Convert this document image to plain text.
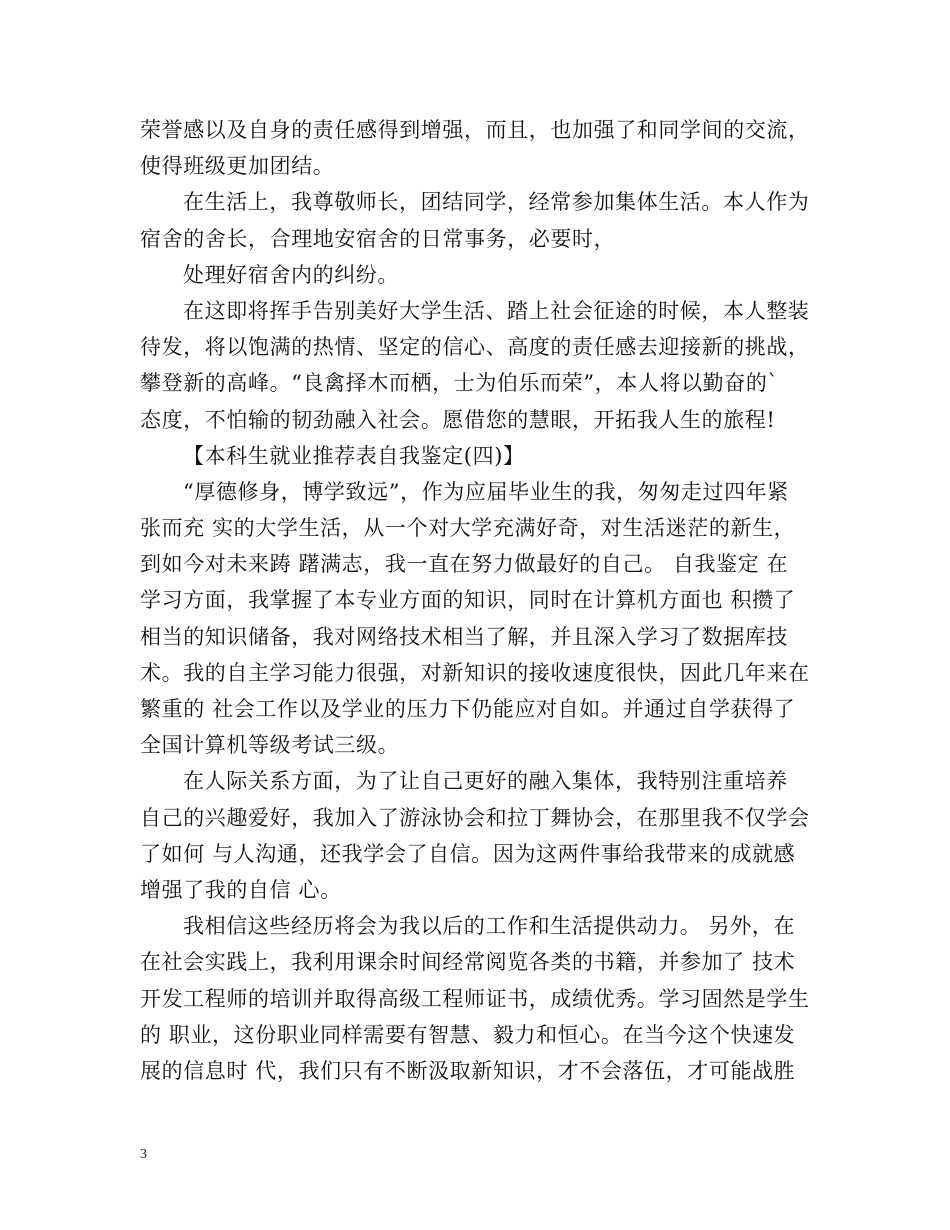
荣誉感以及自身的责任感得到增强，而且，也加强了和同学间的交流，
使得班级更加团结。
在生活上，我尊敬师长，团结同学，经常参加集体生活。本人作为
宿舍的舍长，合理地安宿舍的日常事务，必要时，
处理好宿舍内的纠纷。
在这即将挥手告别美好大学生活、踏上社会征途的时候，本人整装
待发，将以饱满的热情、坚定的信心、高度的责任感去迎接新的挑战，
攀登新的高峰。“良禽择木而栖，士为伯乐而荣”，本人将以勤奋的`
态度，不怕输的韧劲融入社会。愿借您的慧眼，开拓我人生的旅程!
【本科生就业推荐表自我鉴定(四)】
“厚德修身，博学致远”，作为应届毕业生的我，匆匆走过四年紧
张而充 实的大学生活，从一个对大学充满好奇，对生活迷茫的新生，
到如今对未来踌 躇满志，我一直在努力做最好的自己。 自我鉴定 在
学习方面，我掌握了本专业方面的知识，同时在计算机方面也 积攒了
相当的知识储备，我对网络技术相当了解，并且深入学习了数据库技
术。我的自主学习能力很强，对新知识的接收速度很快，因此几年来在
繁重的 社会工作以及学业的压力下仍能应对自如。并通过自学获得了
全国计算机等级考试三级。
在人际关系方面，为了让自己更好的融入集体，我特别注重培养
自己的兴趣爱好，我加入了游泳协会和拉丁舞协会，在那里我不仅学会
了如何 与人沟通，还我学会了自信。因为这两件事给我带来的成就感
增强了我的自信 心。
我相信这些经历将会为我以后的工作和生活提供动力。 另外，在
在社会实践上，我利用课余时间经常阅览各类的书籍，并参加了 技术
开发工程师的培训并取得高级工程师证书，成绩优秀。学习固然是学生
的 职业，这份职业同样需要有智慧、毅力和恒心。在当今这个快速发
展的信息时 代，我们只有不断汲取新知识，才不会落伍，才可能战胜
3
